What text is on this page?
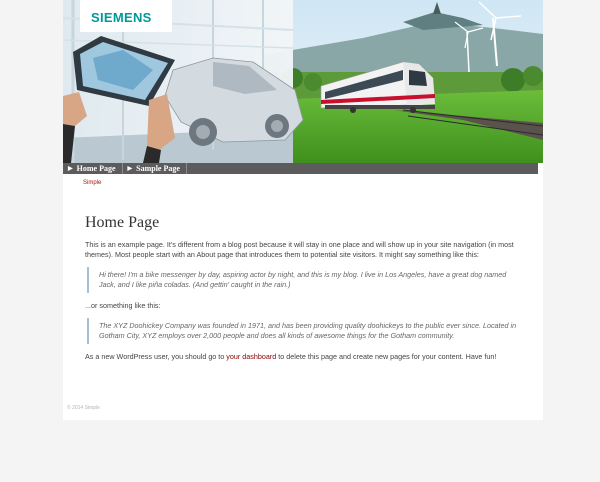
SIEMENS
▶ Home Page ▶ Sample Page
Simple
Home Page

This is an example page. It's different from a blog post because it will stay in one place and will show up in your site navigation (in most themes). Most people start with an About page that introduces them to potential site visitors. It might say something like this:

Hi there! I'm a bike messenger by day, aspiring actor by night, and this is my blog. I live in Los Angeles, have a great dog named Jack, and I like piña coladas. (And gettin' caught in the rain.)

...or something like this:

The XYZ Doohickey Company was founded in 1971, and has been providing quality doohickeys to the public ever since. Located in Gotham City, XYZ employs over 2,000 people and does all kinds of awesome things for the Gotham community.

As a new WordPress user, you should go to your dashboard to delete this page and create new pages for your content. Have fun!

© 2014 Simple
